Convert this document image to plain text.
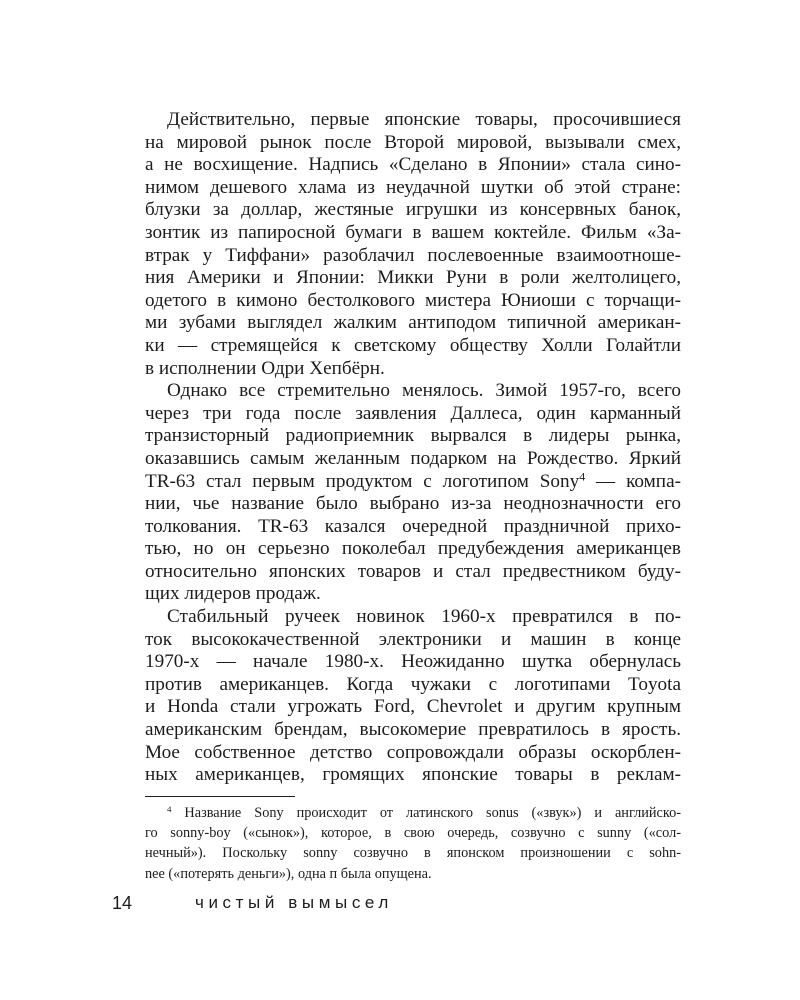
Действительно, первые японские товары, просочившиеся
на мировой рынок после Второй мировой, вызывали смех,
а не восхищение. Надпись «Сделано в Японии» стала сино-
нимом дешевого хлама из неудачной шутки об этой стране:
блузки за доллар, жестяные игрушки из консервных банок,
зонтик из папиросной бумаги в вашем коктейле. Фильм «За-
втрак у Тиффани» разоблачил послевоенные взаимоотноше-
ния Америки и Японии: Микки Руни в роли желтолицего,
одетого в кимоно бестолкового мистера Юниоши с торчащи-
ми зубами выглядел жалким антиподом типичной американ-
ки — стремящейся к светскому обществу Холли Голайтли
в исполнении Одри Хепбёрн.
Однако все стремительно менялось. Зимой 1957-го, всего
через три года после заявления Даллеса, один карманный
транзисторный радиоприемник вырвался в лидеры рынка,
оказавшись самым желанным подарком на Рождество. Яркий
TR-63 стал первым продуктом с логотипом Sony$^4$ — компа-
нии, чье название было выбрано из-за неоднозначности его
толкования. TR-63 казался очередной праздничной прихо-
тью, но он серьезно поколебал предубеждения американцев
относительно японских товаров и стал предвестником буду-
щих лидеров продаж.
Стабильный ручеек новинок 1960-х превратился в по-
ток высококачественной электроники и машин в конце
1970-х — начале 1980-х. Неожиданно шутка обернулась
против американцев. Когда чужаки с логотипами Toyota
и Honda стали угрожать Ford, Chevrolet и другим крупным
американским брендам, высокомерие превратилось в ярость.
Мое собственное детство сопровождали образы оскорблен-
ных американцев, громящих японские товары в реклам-
$^4$ Название Sony происходит от латинского sonus («звук») и английско-
го sonny-boy («сынок»), которое, в свою очередь, созвучно с sunny («сол-
нечный»). Поскольку sonny созвучно в японском произношении с sohn-
nee («потерять деньги»), одна п была опущена.
14	чистый вымысел
